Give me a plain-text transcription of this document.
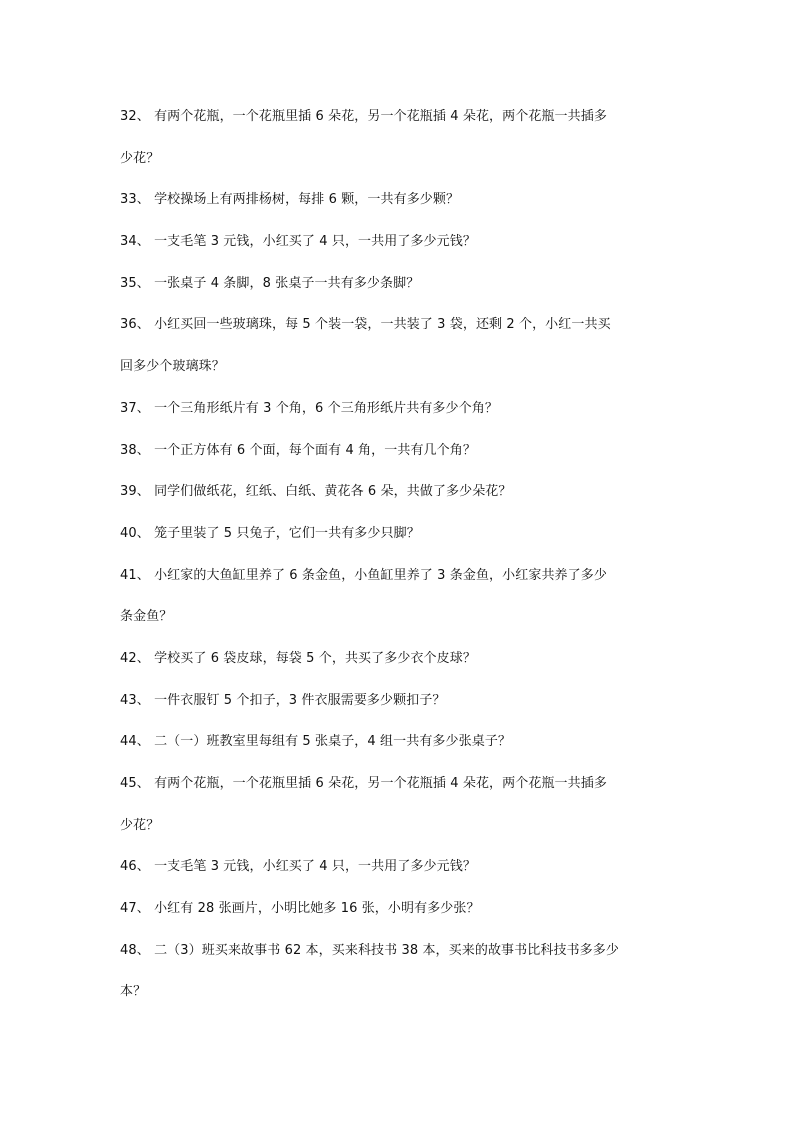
32、 有两个花瓶，一个花瓶里插 6 朵花，另一个花瓶插 4 朵花，两个花瓶一共插多
少花？
33、 学校操场上有两排杨树，每排 6 颗，一共有多少颗？
34、 一支毛笔 3 元钱，小红买了 4 只，一共用了多少元钱？
35、 一张桌子 4 条脚，8 张桌子一共有多少条脚？
36、 小红买回一些玻璃珠，每 5 个装一袋，一共装了 3 袋，还剩 2 个，小红一共买
回多少个玻璃珠？
37、 一个三角形纸片有 3 个角，6 个三角形纸片共有多少个角？
38、 一个正方体有 6 个面，每个面有 4 角，一共有几个角？
39、 同学们做纸花，红纸、白纸、黄花各 6 朵，共做了多少朵花？
40、 笼子里装了 5 只兔子，它们一共有多少只脚？
41、 小红家的大鱼缸里养了 6 条金鱼，小鱼缸里养了 3 条金鱼，小红家共养了多少
条金鱼？
42、 学校买了 6 袋皮球，每袋 5 个，共买了多少衣个皮球？
43、 一件衣服钉 5 个扣子，3 件衣服需要多少颗扣子？
44、 二（一）班教室里每组有 5 张桌子，4 组一共有多少张桌子？
45、 有两个花瓶，一个花瓶里插 6 朵花，另一个花瓶插 4 朵花，两个花瓶一共插多
少花？
46、 一支毛笔 3 元钱，小红买了 4 只，一共用了多少元钱？
47、 小红有 28 张画片，小明比她多 16 张，小明有多少张？
48、 二（3）班买来故事书 62 本，买来科技书 38 本，买来的故事书比科技书多多少
本？
